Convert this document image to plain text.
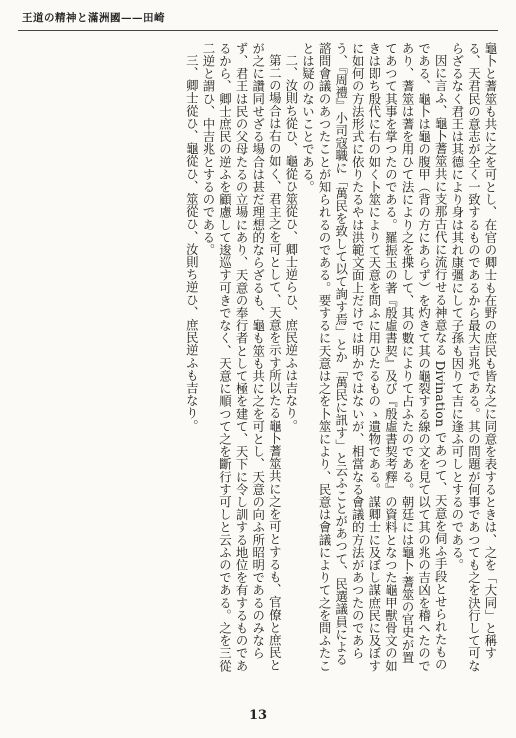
王道の精神と滿洲國——田崎

龜卜と蓍筮も共に之を可とし、在官の卿士も在野の庶民も皆な之に同意を表するときは、之を「大同」と稱する、天君民の意志が全く一致するものであるから最大吉兆である。其の問題が何事であつても之を決行して可ならざるなく君王は其德により身は其れ康彊にして子孫も因りて吉に逢ふ可しとするのである。

因に言ふ、龜卜蓍筮共に支那古代に流行せる神意なる Divination であつて、天意を伺ふ手段とせられたものである、龜卜は龜の腹甲（背の方にあらず）を灼きて其の龜裂する線の文を見て以て其の兆の吉凶を稽へたのであり、蓍筮は蓍を用ひて法により之を揲して、其の數によりて占ふたのである。朝廷には龜卜·蓍筮の官史が置てあつて其事を掌つたのである。羅振玉の著『殷虛書契』及び『殷虛書契考釋』の資料となつた龜甲獸骨文の如きは即ち殷代に右の如く卜筮によりて天意を問ふに用ひたるものゝ遺物である。謀卿士に及ぼし謀庶民に及ぼすに如何の方法形式に依りたるやは洪範文面上だけでは明かではないが、相當なる會議的方法があつたのであらう、『周禮』小司寇職に「萬民を致して以て詢す焉」とか「萬民に訊す」と云ふことがあつて、民選議員による諮問會議のあつたことが知られるのである。要するに天意は之を卜筮により、民意は會議によりて之を問ふたことは疑のないことである。

二、汝則ち從ひ、龜從ひ筮從ひ、卿士逆らひ、庶民逆ふは吉なり。

第二の場合は右の如く、君主之を可として、天意を示す所以たる龜卜蓍筮共に之を可とするも、官僚と庶民とが之に讚同せざる場合は甚だ理想的ならざるも、龜も筮も共に之を可とし、天意の向ふ所昭明であるのみならず、君王は民の父母たるの立場にあり、天意の奉行者として極を建て、天下に令し訓する地位を有するものであるから、卿士庶民の逆ふを顧慮して逡巡す可きでなく、天意に順つて之を斷行す可しと云ふのである。之を三從二逆と謂ひ、中吉兆とするのである。

三、卿士從ひ、龜從ひ、筮從ひ、汝則ち逆ひ、庶民逆ふも吉なり。

13
